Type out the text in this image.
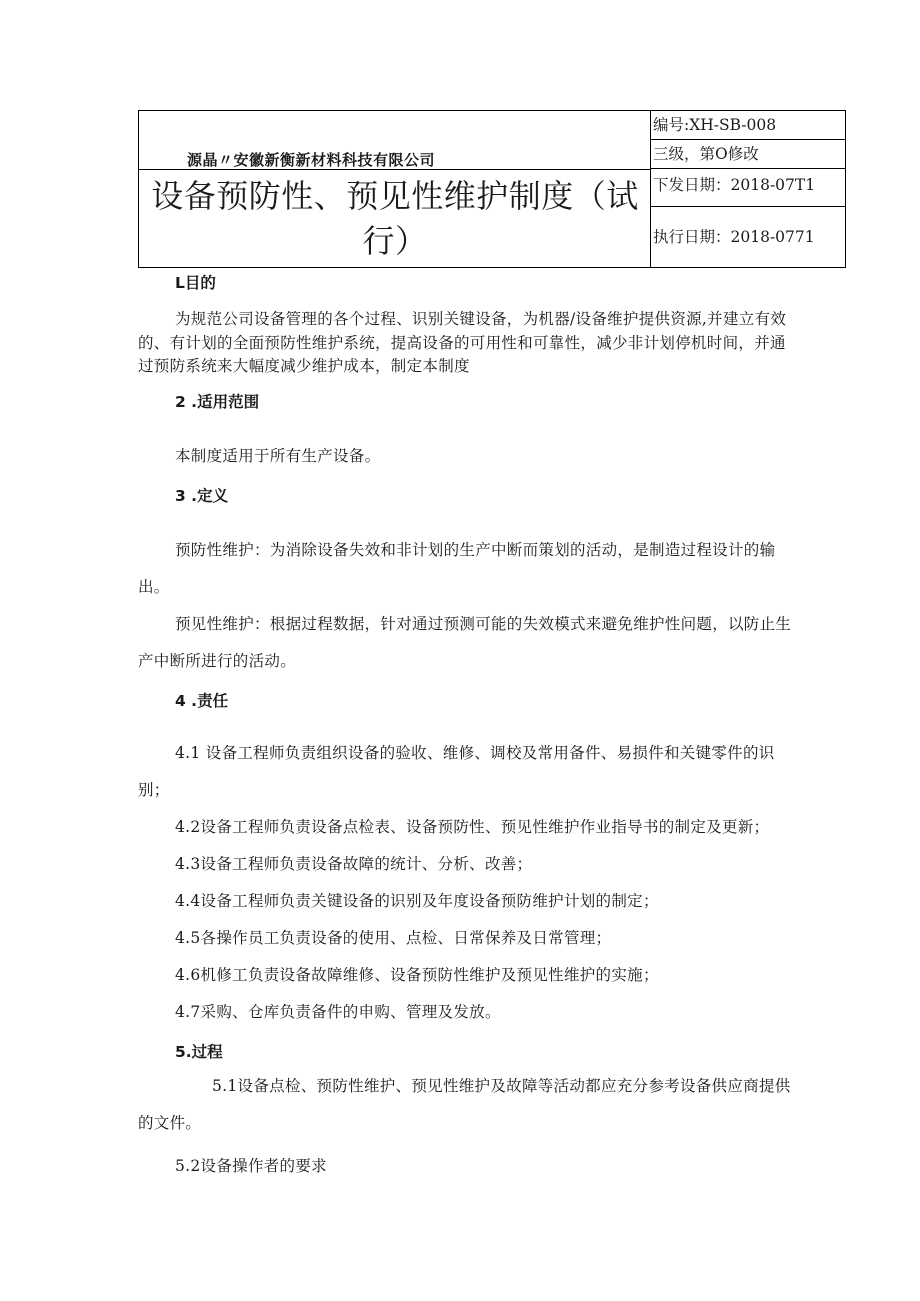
源晶〃安徽新衡新材料科技有限公司
设备预防性、预见性维护制度（试
行）
编号:XH-SB-008
三级，第O修改
下发日期：2018-07T1
执行日期：2018-0771
L目的
为规范公司设备管理的各个过程、识别关键设备，为机器/设备维护提供资源,并建立有效
的、有计划的全面预防性维护系统，提高设备的可用性和可靠性，减少非计划停机时间，并通
过预防系统来大幅度减少维护成本，制定本制度
2 .适用范围
本制度适用于所有生产设备。
3 .定义
预防性维护：为消除设备失效和非计划的生产中断而策划的活动，是制造过程设计的输
出。
预见性维护：根据过程数据，针对通过预测可能的失效模式来避免维护性问题，以防止生
产中断所进行的活动。
4 .责任
4.1 设备工程师负责组织设备的验收、维修、调校及常用备件、易损件和关键零件的识
别；
4.2设备工程师负责设备点检表、设备预防性、预见性维护作业指导书的制定及更新；
4.3设备工程师负责设备故障的统计、分析、改善；
4.4设备工程师负责关键设备的识别及年度设备预防维护计划的制定；
4.5各操作员工负责设备的使用、点检、日常保养及日常管理；
4.6机修工负责设备故障维修、设备预防性维护及预见性维护的实施；
4.7采购、仓库负责备件的申购、管理及发放。
5.过程
5.1设备点检、预防性维护、预见性维护及故障等活动都应充分参考设备供应商提供
的文件。
5.2设备操作者的要求
